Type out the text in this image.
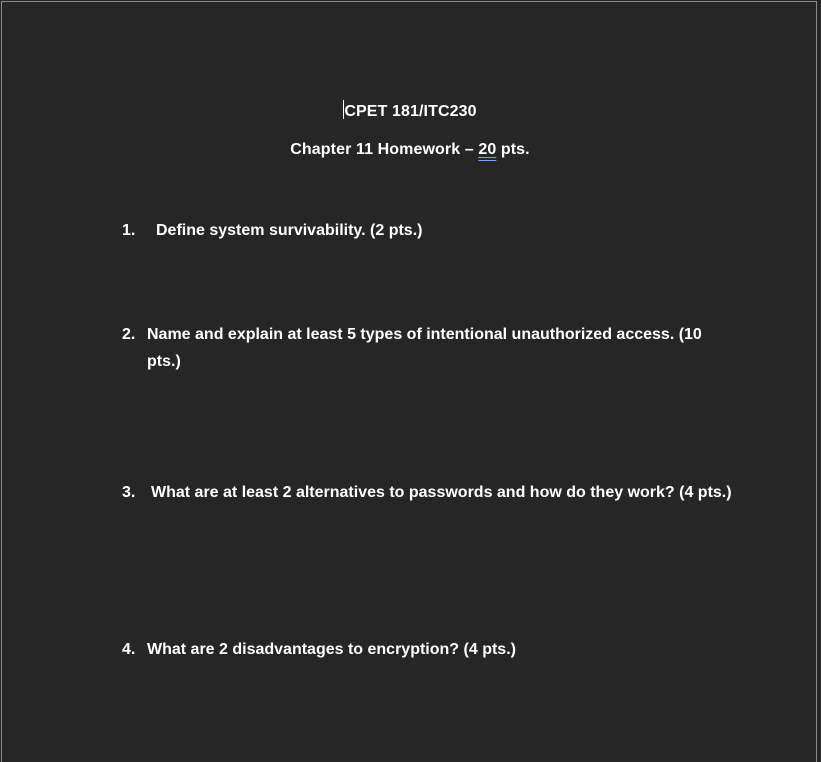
CPET 181/ITC230
Chapter 11 Homework – 20 pts.
1.	Define system survivability. (2 pts.)
2. Name and explain at least 5 types of intentional unauthorized access. (10 pts.)
3. What are at least 2 alternatives to passwords and how do they work? (4 pts.)
4. What are 2 disadvantages to encryption? (4 pts.)
